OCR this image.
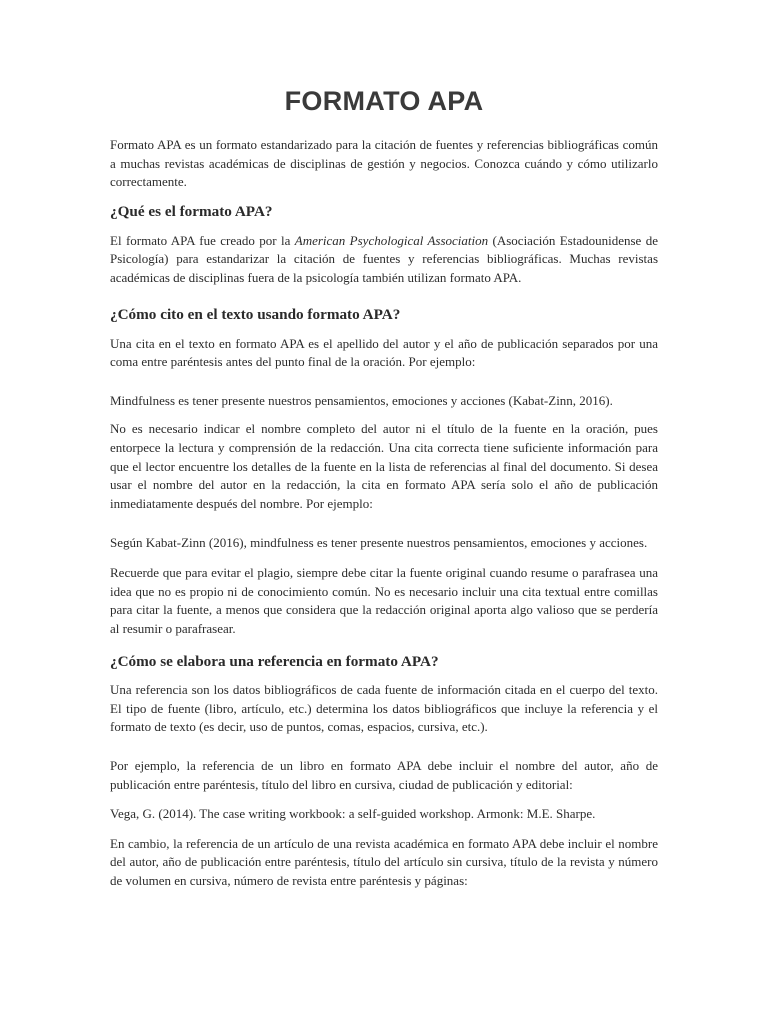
FORMATO APA

Formato APA es un formato estandarizado para la citación de fuentes y referencias bibliográficas común a muchas revistas académicas de disciplinas de gestión y negocios. Conozca cuándo y cómo utilizarlo correctamente.

¿Qué es el formato APA?

El formato APA fue creado por la American Psychological Association (Asociación Estadounidense de Psicología) para estandarizar la citación de fuentes y referencias bibliográficas. Muchas revistas académicas de disciplinas fuera de la psicología también utilizan formato APA.

¿Cómo cito en el texto usando formato APA?

Una cita en el texto en formato APA es el apellido del autor y el año de publicación separados por una coma entre paréntesis antes del punto final de la oración. Por ejemplo:

Mindfulness es tener presente nuestros pensamientos, emociones y acciones (Kabat-Zinn, 2016).

No es necesario indicar el nombre completo del autor ni el título de la fuente en la oración, pues entorpece la lectura y comprensión de la redacción. Una cita correcta tiene suficiente información para que el lector encuentre los detalles de la fuente en la lista de referencias al final del documento. Si desea usar el nombre del autor en la redacción, la cita en formato APA sería solo el año de publicación inmediatamente después del nombre. Por ejemplo:

Según Kabat-Zinn (2016), mindfulness es tener presente nuestros pensamientos, emociones y acciones.

Recuerde que para evitar el plagio, siempre debe citar la fuente original cuando resume o parafrasea una idea que no es propio ni de conocimiento común. No es necesario incluir una cita textual entre comillas para citar la fuente, a menos que considera que la redacción original aporta algo valioso que se perdería al resumir o parafrasear.

¿Cómo se elabora una referencia en formato APA?

Una referencia son los datos bibliográficos de cada fuente de información citada en el cuerpo del texto. El tipo de fuente (libro, artículo, etc.) determina los datos bibliográficos que incluye la referencia y el formato de texto (es decir, uso de puntos, comas, espacios, cursiva, etc.).

Por ejemplo, la referencia de un libro en formato APA debe incluir el nombre del autor, año de publicación entre paréntesis, título del libro en cursiva, ciudad de publicación y editorial:

Vega, G. (2014). The case writing workbook: a self-guided workshop. Armonk: M.E. Sharpe.

En cambio, la referencia de un artículo de una revista académica en formato APA debe incluir el nombre del autor, año de publicación entre paréntesis, título del artículo sin cursiva, título de la revista y número de volumen en cursiva, número de revista entre paréntesis y páginas:
